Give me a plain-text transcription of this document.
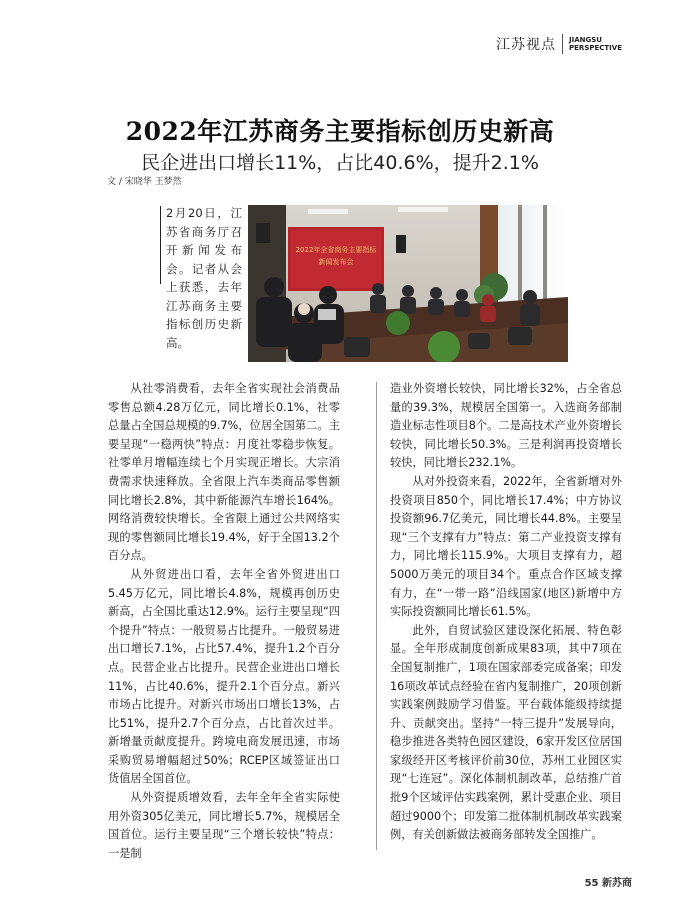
江苏视点 JIANGSU
PERSPECTIVE
2022年江苏商务主要指标创历史新高
民企进出口增长11%，占比40.6%，提升2.1%
文 / 宋晓华 王梦然
2月20日，江苏省商务厅召开新闻发布会。记者从会上获悉，去年江苏商务主要指标创历史新高。
2022年全省商务主要指标
新闻发布会

从社零消费看，去年全省实现社会消费品零售总额4.28万亿元，同比增长0.1%，社零总量占全国总规模的9.7%，位居全国第二。主要呈现“一稳两快”特点：月度社零稳步恢复。社零单月增幅连续七个月实现正增长。大宗消费需求快速释放。全省限上汽车类商品零售额同比增长2.8%，其中新能源汽车增长164%。网络消费较快增长。全省限上通过公共网络实现的零售额同比增长19.4%，好于全国13.2个百分点。

从外贸进出口看，去年全省外贸进出口5.45万亿元，同比增长4.8%，规模再创历史新高，占全国比重达12.9%。运行主要呈现“四个提升”特点：一般贸易占比提升。一般贸易进出口增长7.1%，占比57.4%，提升1.2个百分点。民营企业占比提升。民营企业进出口增长11%，占比40.6%，提升2.1个百分点。新兴市场占比提升。对新兴市场出口增长13%，占比51%，提升2.7个百分点，占比首次过半。新增量贡献度提升。跨境电商发展迅速，市场采购贸易增幅超过50%；RCEP区域签证出口货值居全国首位。

从外资提质增效看，去年全年全省实际使用外资305亿美元，同比增长5.7%，规模居全国首位。运行主要呈现“三个增长较快”特点：一是制

造业外资增长较快，同比增长32%，占全省总量的39.3%，规模居全国第一。入选商务部制造业标志性项目8个。二是高技术产业外资增长较快，同比增长50.3%。三是利润再投资增长较快，同比增长232.1%。

从对外投资来看，2022年，全省新增对外投资项目850个，同比增长17.4%；中方协议投资额96.7亿美元，同比增长44.8%。主要呈现“三个支撑有力”特点：第二产业投资支撑有力，同比增长115.9%。大项目支撑有力，超5000万美元的项目34个。重点合作区域支撑有力，在“一带一路”沿线国家(地区)新增中方实际投资额同比增长61.5%。

此外，自贸试验区建设深化拓展、特色彰显。全年形成制度创新成果83项，其中7项在全国复制推广，1项在国家部委完成备案；印发16项改革试点经验在省内复制推广，20项创新实践案例鼓励学习借鉴。平台载体能级持续提升、贡献突出。坚持“一特三提升”发展导向，稳步推进各类特色园区建设，6家开发区位居国家级经开区考核评价前30位，苏州工业园区实现“七连冠”。深化体制机制改革，总结推广首批9个区域评估实践案例，累计受惠企业、项目超过9000个；印发第二批体制机制改革实践案例，有关创新做法被商务部转发全国推广。

55 新苏商
